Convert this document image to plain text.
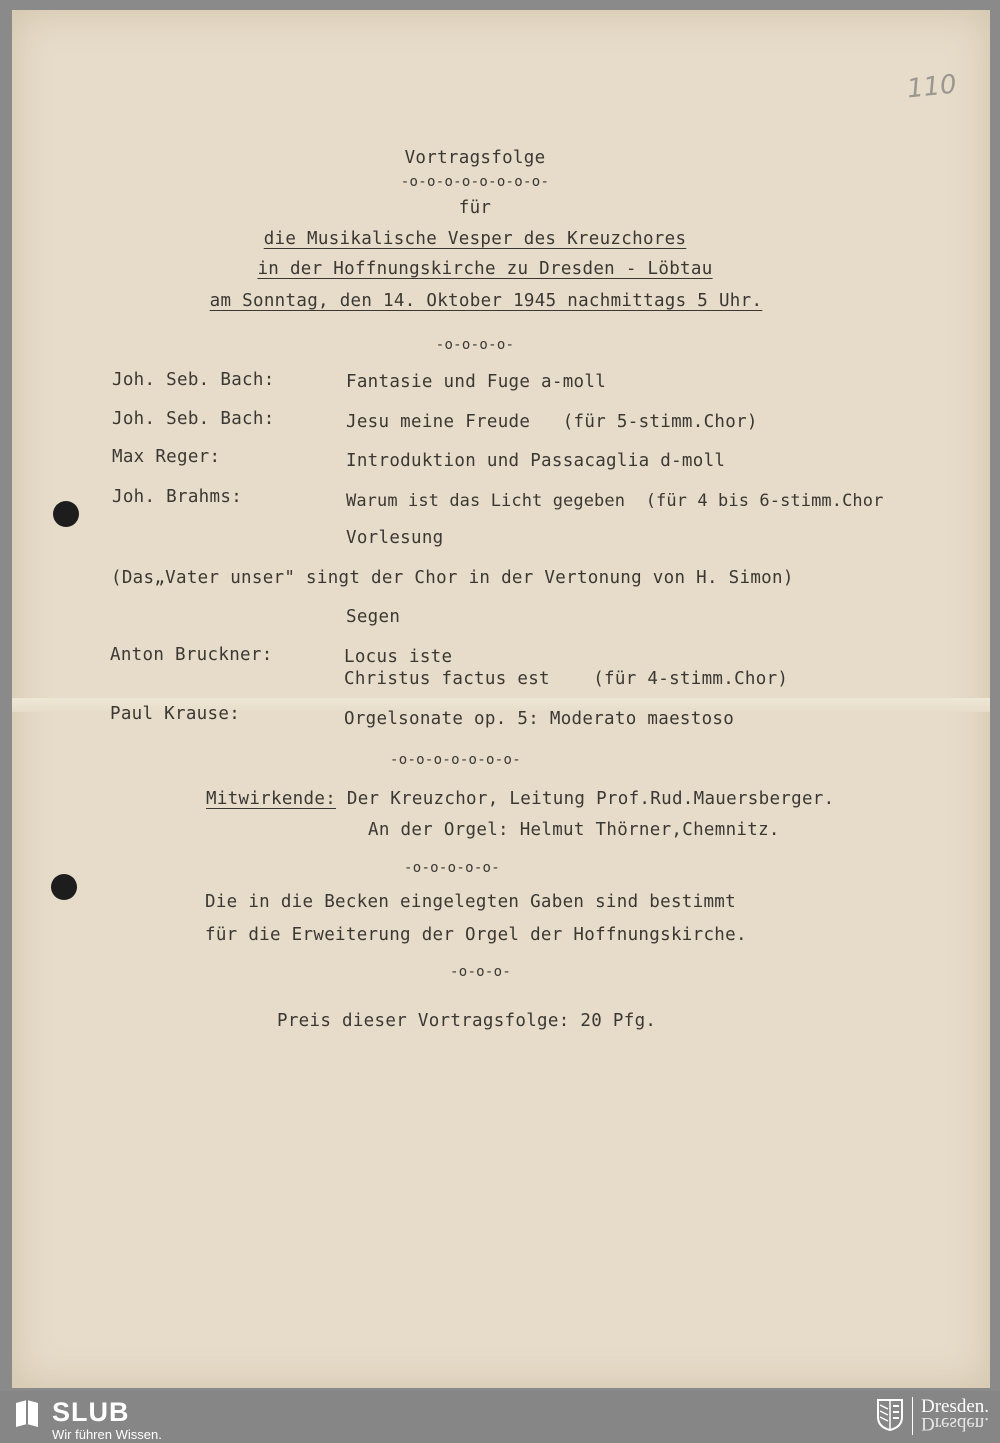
110
Vortragsfolge
-o-o-o-o-o-o-o-o-
für
die Musikalische Vesper des Kreuzchores
in der Hoffnungskirche zu Dresden - Löbtau
am Sonntag, den 14. Oktober 1945 nachmittags 5 Uhr.
-o-o-o-o-
Joh. Seb. Bach:	Fantasie und Fuge a-moll
Joh. Seb. Bach:	Jesu meine Freude   (für 5-stimm.Chor)
Max Reger:	Introduktion und Passacaglia d-moll
Joh. Brahms:	Warum ist das Licht gegeben  (für 4 bis 6-stimm.Chor
Vorlesung
(Das„Vater unser" singt der Chor in der Vertonung von H. Simon)
Segen
Anton Bruckner:	Locus iste
Christus factus est    (für 4-stimm.Chor)
Paul Krause:	Orgelsonate op. 5: Moderato maestoso
-o-o-o-o-o-o-o-
Mitwirkende: Der Kreuzchor, Leitung Prof.Rud.Mauersberger.
An der Orgel: Helmut Thörner,Chemnitz.
-o-o-o-o-o-
Die in die Becken eingelegten Gaben sind bestimmt
für die Erweiterung der Orgel der Hoffnungskirche.
-o-o-o-
Preis dieser Vortragsfolge: 20 Pfg.
SLUB
Wir führen Wissen.
Dresden.
Dresden.
